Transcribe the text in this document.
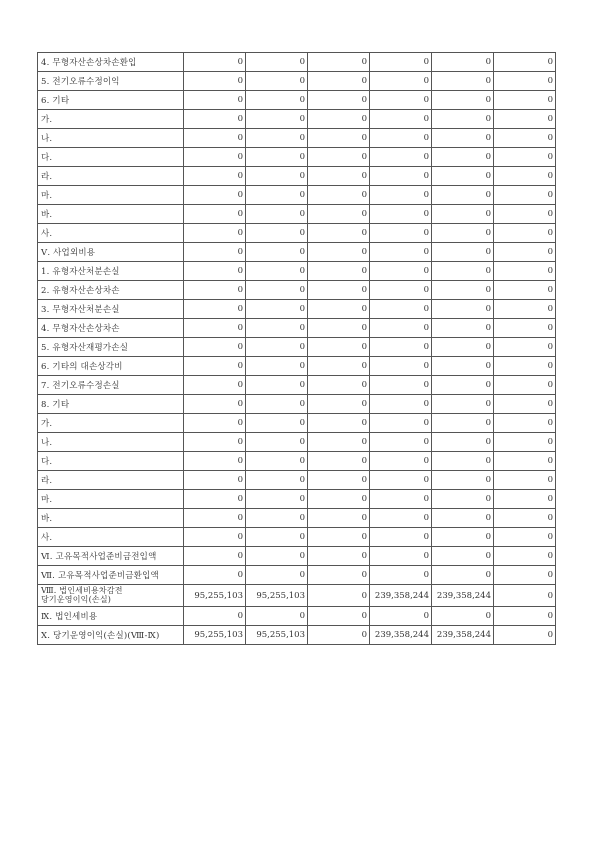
4. 무형자산손상차손환입	0	0	0	0	0	0
5. 전기오류수정이익	0	0	0	0	0	0
6. 기타	0	0	0	0	0	0
가.	0	0	0	0	0	0
나.	0	0	0	0	0	0
다.	0	0	0	0	0	0
라.	0	0	0	0	0	0
마.	0	0	0	0	0	0
바.	0	0	0	0	0	0
사.	0	0	0	0	0	0
Ⅴ. 사업외비용	0	0	0	0	0	0
1. 유형자산처분손실	0	0	0	0	0	0
2. 유형자산손상차손	0	0	0	0	0	0
3. 무형자산처분손실	0	0	0	0	0	0
4. 무형자산손상차손	0	0	0	0	0	0
5. 유형자산재평가손실	0	0	0	0	0	0
6. 기타의 대손상각비	0	0	0	0	0	0
7. 전기오류수정손실	0	0	0	0	0	0
8. 기타	0	0	0	0	0	0
가.	0	0	0	0	0	0
나.	0	0	0	0	0	0
다.	0	0	0	0	0	0
라.	0	0	0	0	0	0
마.	0	0	0	0	0	0
바.	0	0	0	0	0	0
사.	0	0	0	0	0	0
Ⅵ. 고유목적사업준비금전입액	0	0	0	0	0	0
Ⅶ. 고유목적사업준비금환입액	0	0	0	0	0	0
Ⅷ. 법인세비용차감전
당기운영이익(손실)	95,255,103	95,255,103	0	239,358,244	239,358,244	0
Ⅸ. 법인세비용	0	0	0	0	0	0
Ⅹ. 당기운영이익(손실)(Ⅷ-Ⅸ)	95,255,103	95,255,103	0	239,358,244	239,358,244	0
